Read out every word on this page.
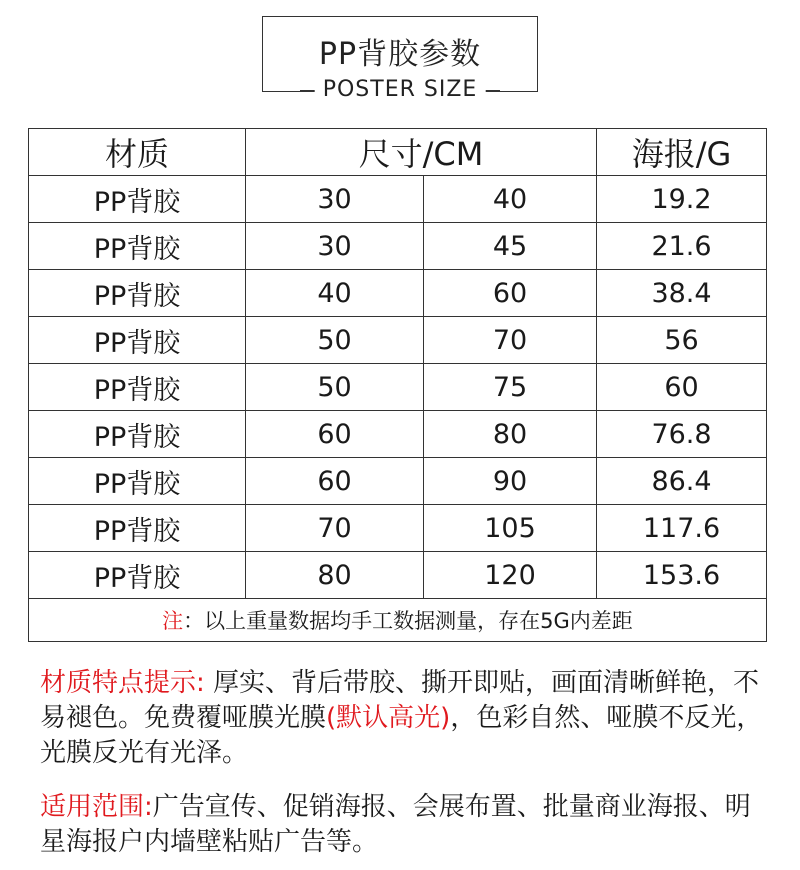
PP背胶参数
POSTER SIZE
材质	尺寸/CM		海报/G
PP背胶	30	40	19.2
PP背胶	30	45	21.6
PP背胶	40	60	38.4
PP背胶	50	70	56
PP背胶	50	75	60
PP背胶	60	80	76.8
PP背胶	60	90	86.4
PP背胶	70	105	117.6
PP背胶	80	120	153.6
注：以上重量数据均手工数据测量，存在5G内差距			
材质特点提示: 厚实、背后带胶、撕开即贴，画面清晰鲜艳，不易褪色。免费覆哑膜光膜(默认高光)，色彩自然、哑膜不反光，光膜反光有光泽。
适用范围:广告宣传、促销海报、会展布置、批量商业海报、明星海报户内墙壁粘贴广告等。
